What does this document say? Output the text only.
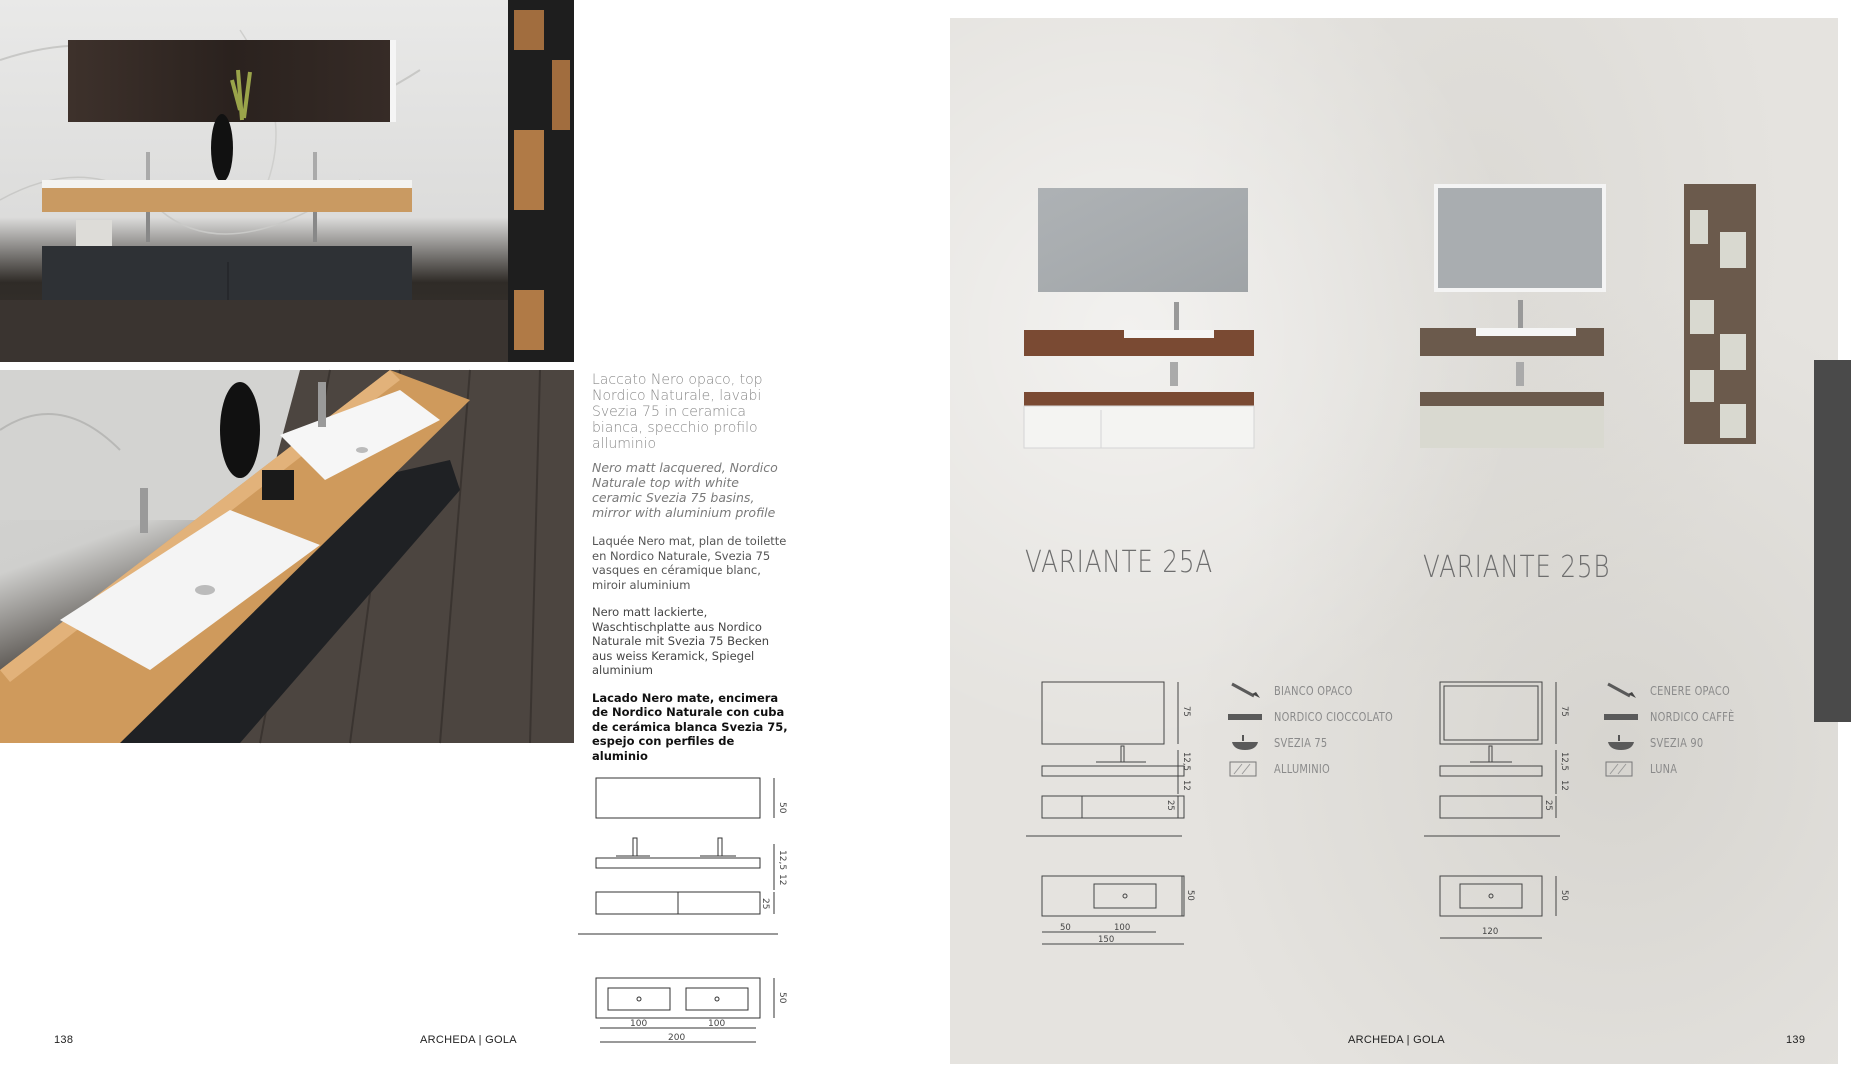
Laccato Nero opaco, top Nordico Naturale, lavabi Svezia 75 in ceramica bianca, specchio profilo alluminio

Nero matt lacquered, Nordico Naturale top with white ceramic Svezia 75 basins, mirror with aluminium profile

Laquée Nero mat, plan de toilette en Nordico Naturale, Svezia 75 vasques en céramique blanc, miroir aluminium

Nero matt lackierte, Waschtischplatte aus Nordico Naturale mit Svezia 75 Becken aus weiss Keramick, Spiegel aluminium

Lacado Nero mate, encimera de Nordico Naturale con cuba de cerámica blanca Svezia 75, espejo con perfiles de aluminio

50
12,5
12
25
50
100	100
200
138	ARCHEDA | GOLA
VARIANTE 25A	VARIANTE 25B
75
12,5
12
25
50
50	100
150
75
12,5
12
25
50
120
BIANCO OPACO
NORDICO CIOCCOLATO
SVEZIA 75
ALLUMINIO
CENERE OPACO
NORDICO CAFFÈ
SVEZIA 90
LUNA
ARCHEDA | GOLA	139
